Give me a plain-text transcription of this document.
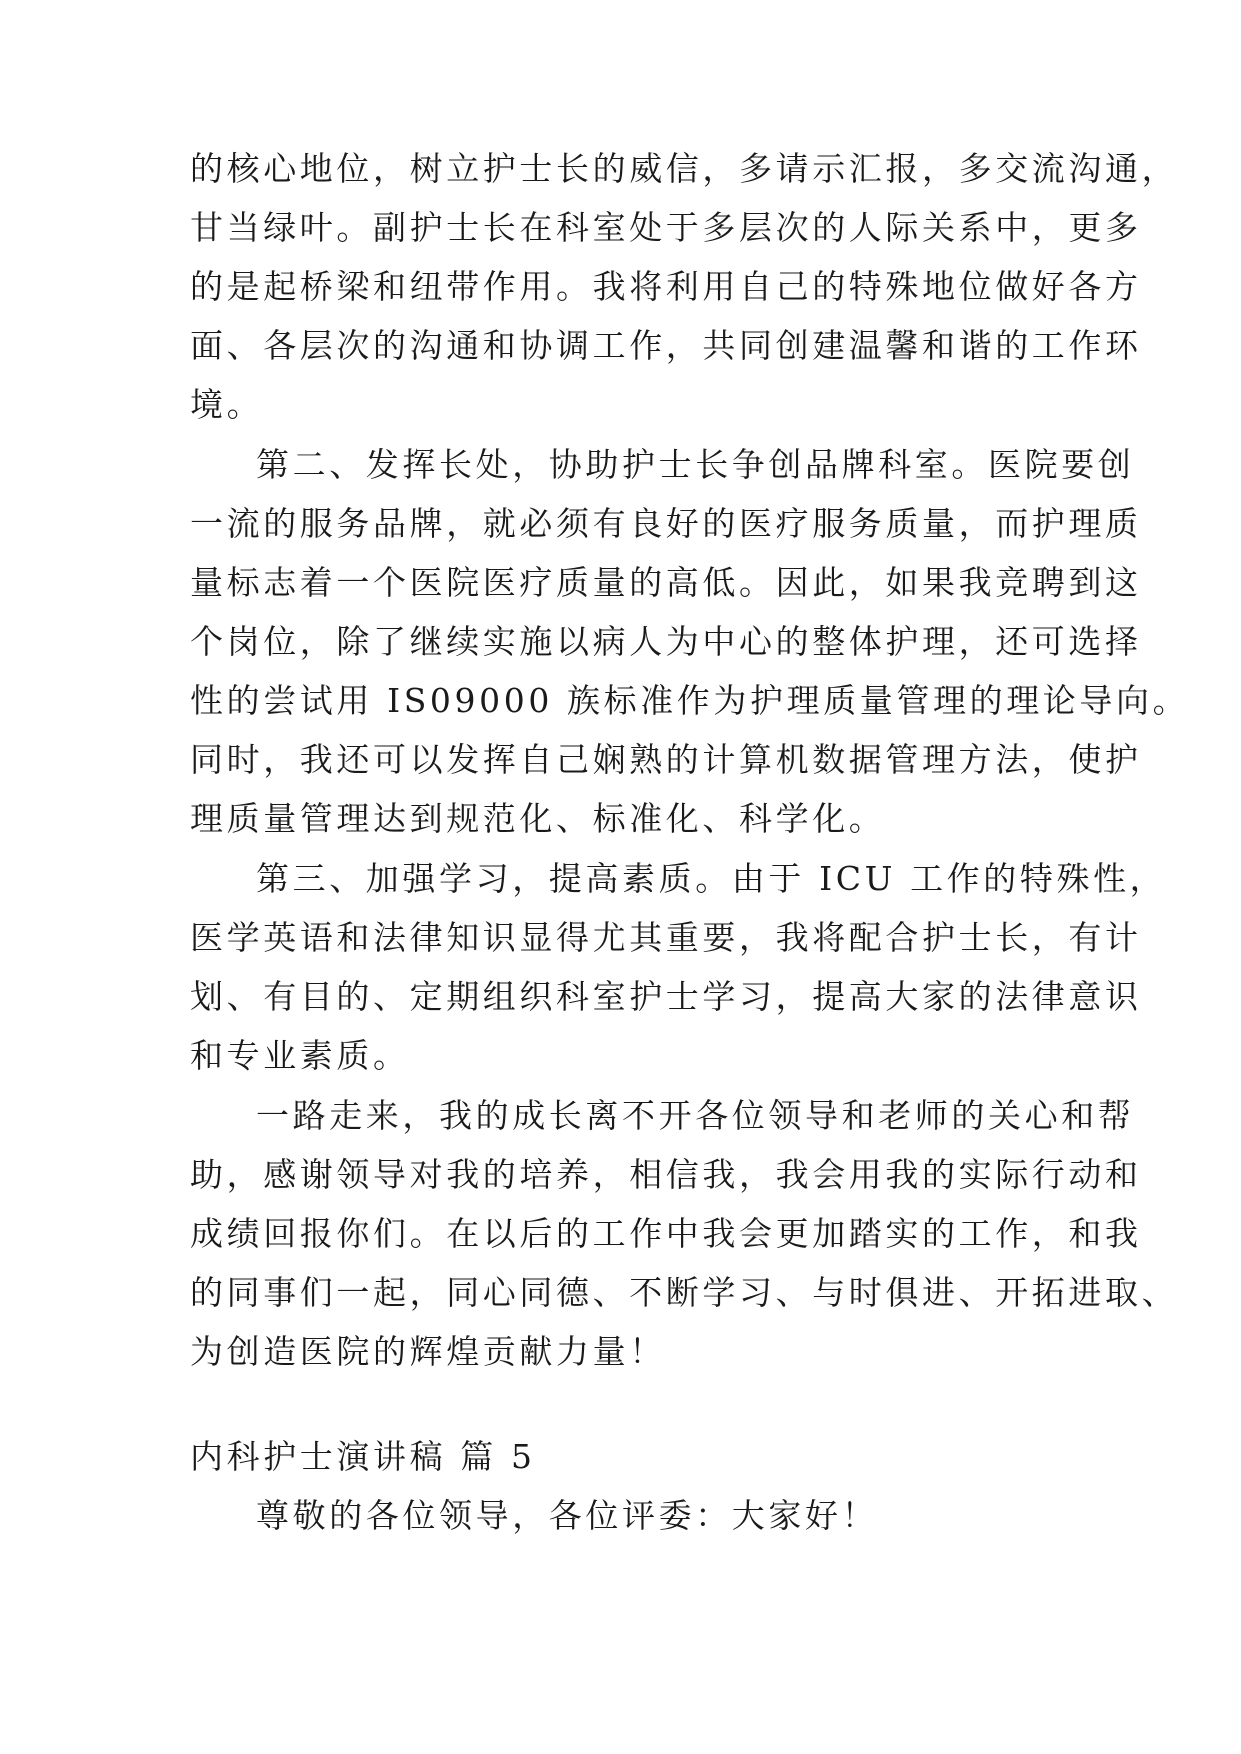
的核心地位，树立护士长的威信，多请示汇报，多交流沟通，
甘当绿叶。副护士长在科室处于多层次的人际关系中，更多
的是起桥梁和纽带作用。我将利用自己的特殊地位做好各方
面、各层次的沟通和协调工作，共同创建温馨和谐的工作环
境。
第二、发挥长处，协助护士长争创品牌科室。医院要创
一流的服务品牌，就必须有良好的医疗服务质量，而护理质
量标志着一个医院医疗质量的高低。因此，如果我竞聘到这
个岗位，除了继续实施以病人为中心的整体护理，还可选择
性的尝试用 IS09000 族标准作为护理质量管理的理论导向。
同时，我还可以发挥自己娴熟的计算机数据管理方法，使护
理质量管理达到规范化、标准化、科学化。
第三、加强学习，提高素质。由于 ICU 工作的特殊性，
医学英语和法律知识显得尤其重要，我将配合护士长，有计
划、有目的、定期组织科室护士学习，提高大家的法律意识
和专业素质。
一路走来，我的成长离不开各位领导和老师的关心和帮
助，感谢领导对我的培养，相信我，我会用我的实际行动和
成绩回报你们。在以后的工作中我会更加踏实的工作，和我
的同事们一起，同心同德、不断学习、与时俱进、开拓进取、
为创造医院的辉煌贡献力量！
内科护士演讲稿 篇 5
尊敬的各位领导，各位评委：大家好！
